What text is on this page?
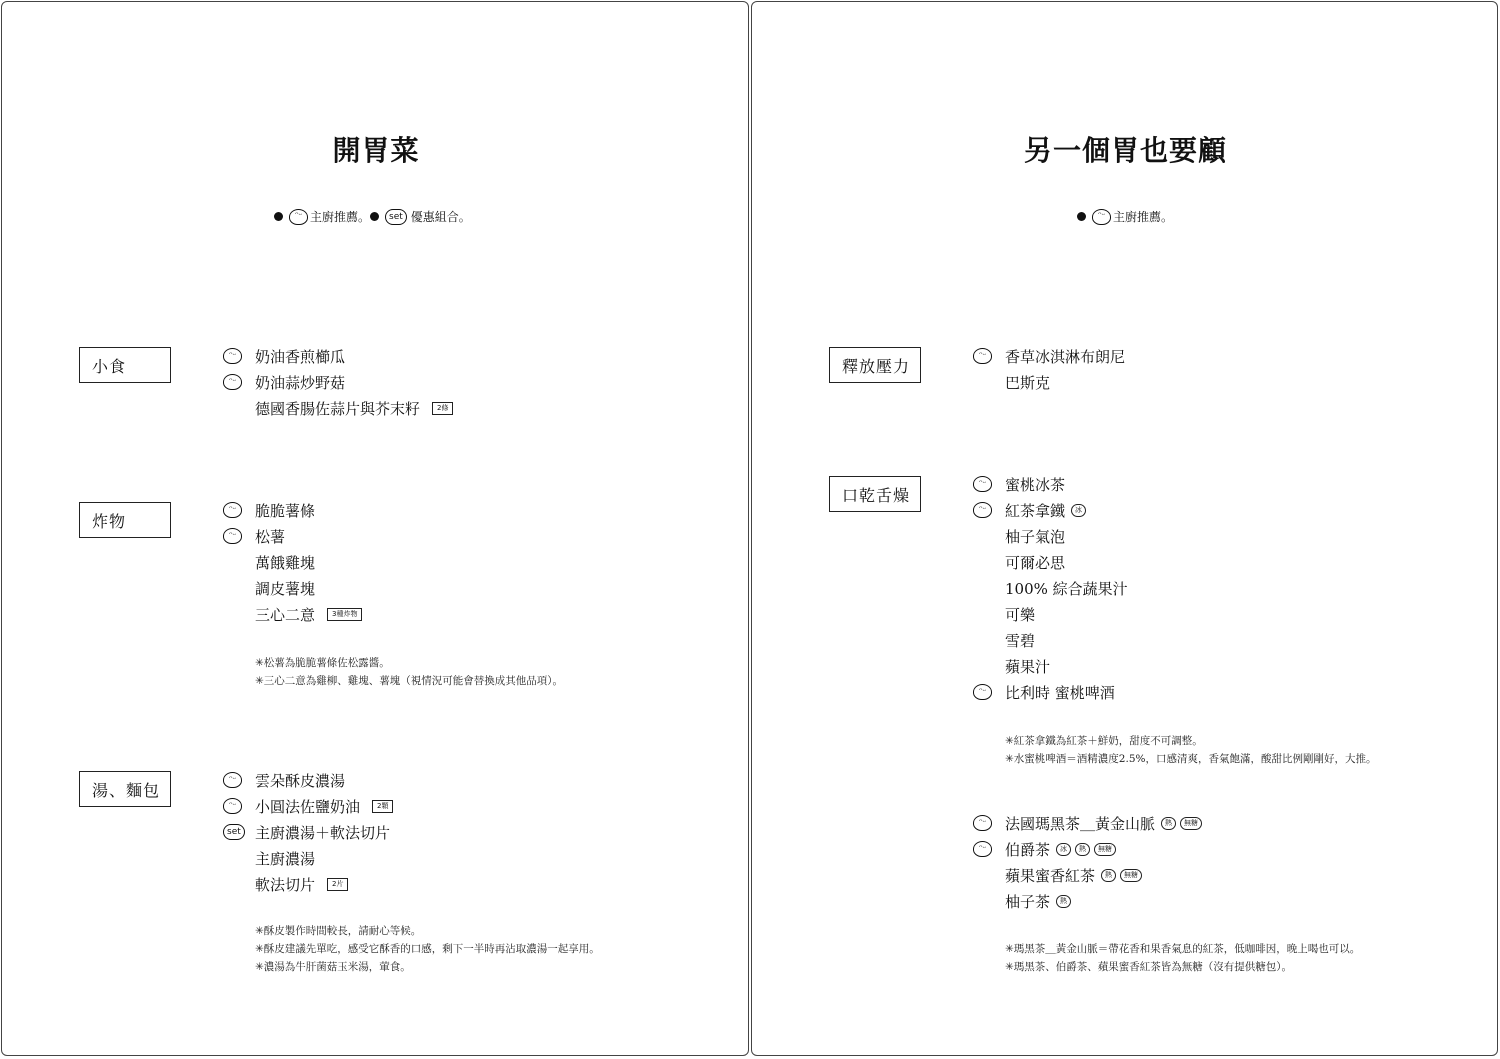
開胃菜
ᵔᵕ 主廚推薦。	set 優惠組合。
小食
ᵔᵕ	奶油香煎櫛瓜
ᵔᵕ	奶油蒜炒野菇
德國香腸佐蒜片與芥末籽	2條
炸物
ᵔᵕ	脆脆薯條
ᵔᵕ	松薯
萬餓雞塊
調皮薯塊
三心二意	3種炸物
✳松薯為脆脆薯條佐松露醬。
✳三心二意為雞柳、雞塊、薯塊（視情況可能會替換成其他品項）。
湯、麵包
ᵔᵕ	雲朵酥皮濃湯
ᵔᵕ	小圓法佐鹽奶油	2顆
set 主廚濃湯＋軟法切片
主廚濃湯
軟法切片	2片
✳酥皮製作時間較長，請耐心等候。
✳酥皮建議先單吃，感受它酥香的口感，剩下一半時再沾取濃湯一起享用。
✳濃湯為牛肝菌菇玉米湯，葷食。
另一個胃也要顧
ᵔᵕ 主廚推薦。
釋放壓力
ᵔᵕ	香草冰淇淋布朗尼
巴斯克
口乾舌燥
ᵔᵕ	蜜桃冰茶
ᵔᵕ	紅茶拿鐵	冰
柚子氣泡
可爾必思
100% 綜合蔬果汁
可樂
雪碧
蘋果汁
ᵔᵕ	比利時 蜜桃啤酒
✳紅茶拿鐵為紅茶＋鮮奶，甜度不可調整。
✳水蜜桃啤酒＝酒精濃度2.5%，口感清爽，香氣飽滿，酸甜比例剛剛好，大推。
ᵔᵕ	法國瑪黑茶＿黃金山脈	熱	無糖
ᵔᵕ	伯爵茶	冰	熱	無糖
蘋果蜜香紅茶	熱	無糖
柚子茶	熱
✳瑪黑茶＿黃金山脈＝帶花香和果香氣息的紅茶，低咖啡因，晚上喝也可以。
✳瑪黑茶、伯爵茶、蘋果蜜香紅茶皆為無糖（沒有提供糖包）。
